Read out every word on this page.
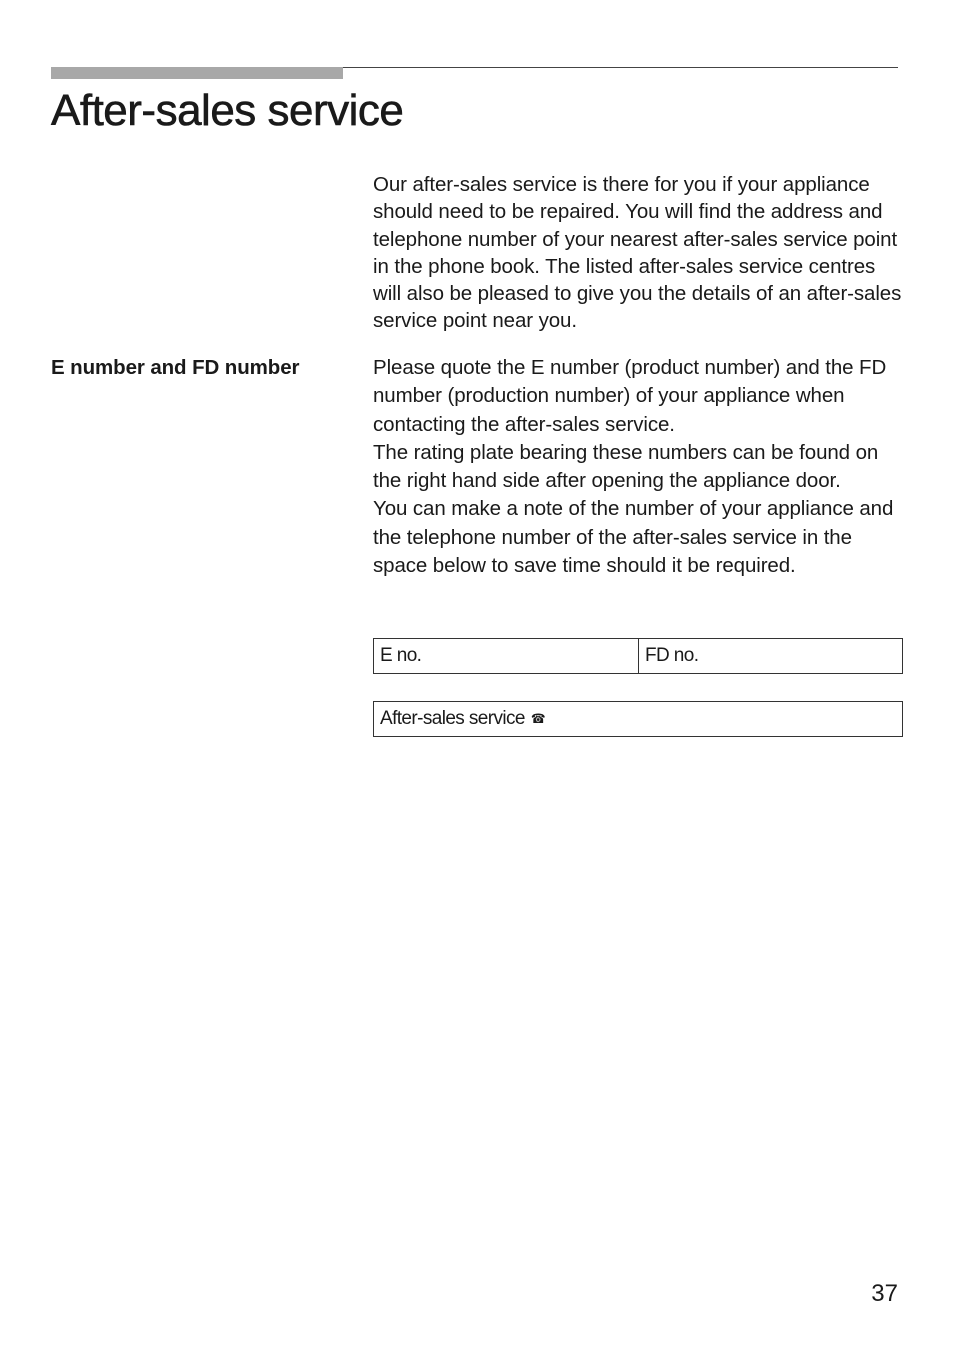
After-sales service

Our after-sales service is there for you if your appliance should need to be repaired. You will find the address and telephone number of your nearest after-sales service point in the phone book. The listed after-sales service centres will also be pleased to give you the details of an after-sales service point near you.

E number and FD number	Please quote the E number (product number) and the FD number (production number) of your appliance when contacting the after-sales service.
The rating plate bearing these numbers can be found on the right hand side after opening the appliance door.
You can make a note of the number of your appliance and the telephone number of the after-sales service in the space below to save time should it be required.
E no.	FD no.
After-sales service ☎

37
